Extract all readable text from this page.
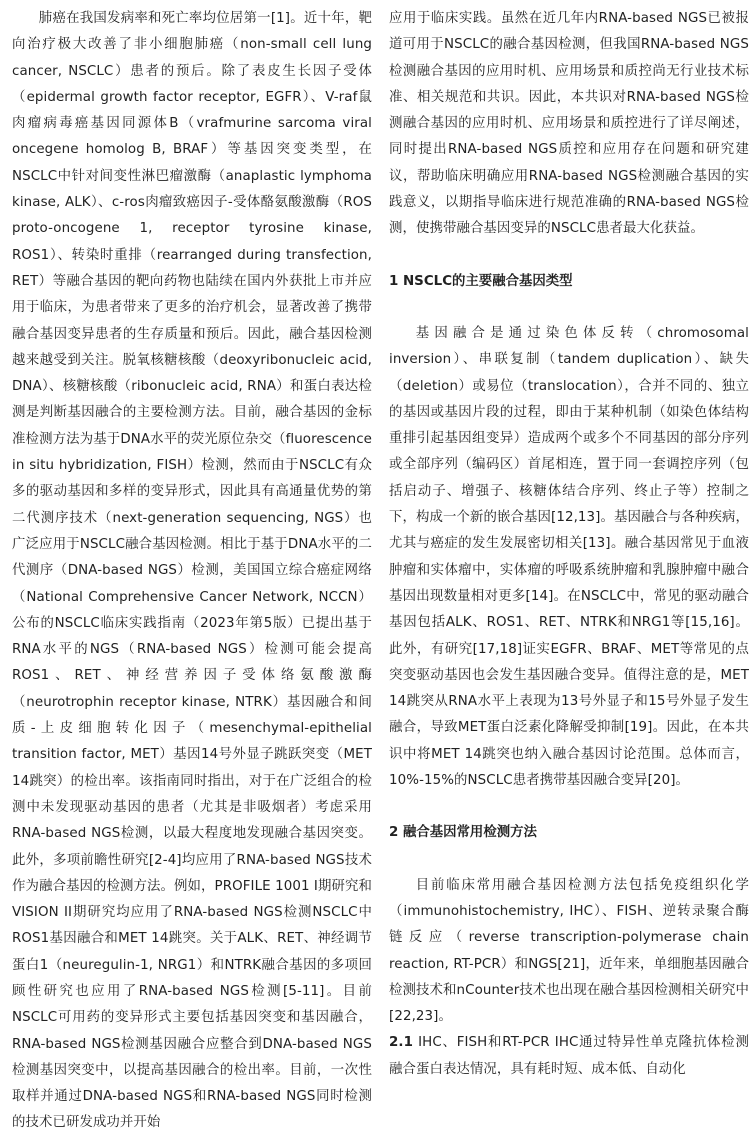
肺癌在我国发病率和死亡率均位居第一[1]。近十年，靶向治疗极大改善了非小细胞肺癌（non-small cell lung cancer, NSCLC）患者的预后。除了表皮生长因子受体（epidermal growth factor receptor, EGFR）、V-raf鼠肉瘤病毒癌基因同源体B（vrafmurine sarcoma viral oncegene homolog B, BRAF）等基因突变类型，在NSCLC中针对间变性淋巴瘤激酶（anaplastic lymphoma kinase, ALK）、c-ros肉瘤致癌因子-受体酪氨酸激酶（ROS proto-oncogene 1, receptor tyrosine kinase, ROS1）、转染时重排（rearranged during transfection, RET）等融合基因的靶向药物也陆续在国内外获批上市并应用于临床，为患者带来了更多的治疗机会，显著改善了携带融合基因变异患者的生存质量和预后。因此，融合基因检测越来越受到关注。脱氧核糖核酸（deoxyribonucleic acid, DNA）、核糖核酸（ribonucleic acid, RNA）和蛋白表达检测是判断基因融合的主要检测方法。目前，融合基因的金标准检测方法为基于DNA水平的荧光原位杂交（fluorescence in situ hybridization, FISH）检测，然而由于NSCLC有众多的驱动基因和多样的变异形式，因此具有高通量优势的第二代测序技术（next-generation sequencing, NGS）也广泛应用于NSCLC融合基因检测。相比于基于DNA水平的二代测序（DNA-based NGS）检测，美国国立综合癌症网络（National Comprehensive Cancer Network, NCCN）公布的NSCLC临床实践指南（2023年第5版）已提出基于RNA水平的NGS（RNA-based NGS）检测可能会提高ROS1、RET、神经营养因子受体络氨酸激酶（neurotrophin receptor kinase, NTRK）基因融合和间质-上皮细胞转化因子（mesenchymal-epithelial transition factor, MET）基因14号外显子跳跃突变（MET 14跳突）的检出率。该指南同时指出，对于在广泛组合的检测中未发现驱动基因的患者（尤其是非吸烟者）考虑采用RNA-based NGS检测，以最大程度地发现融合基因突变。此外，多项前瞻性研究[2-4]均应用了RNA-based NGS技术作为融合基因的检测方法。例如，PROFILE 1001 I期研究和VISION II期研究均应用了RNA-based NGS检测NSCLC中ROS1基因融合和MET 14跳突。关于ALK、RET、神经调节蛋白1（neuregulin-1, NRG1）和NTRK融合基因的多项回顾性研究也应用了RNA-based NGS检测[5-11]。目前NSCLC可用药的变异形式主要包括基因突变和基因融合，RNA-based NGS检测基因融合应整合到DNA-based NGS检测基因突变中，以提高基因融合的检出率。目前，一次性取样并通过DNA-based NGS和RNA-based NGS同时检测的技术已研发成功并开始

应用于临床实践。虽然在近几年内RNA-based NGS已被报道可用于NSCLC的融合基因检测，但我国RNA-based NGS检测融合基因的应用时机、应用场景和质控尚无行业技术标准、相关规范和共识。因此，本共识对RNA-based NGS检测融合基因的应用时机、应用场景和质控进行了详尽阐述，同时提出RNA-based NGS质控和应用存在问题和研究建议，帮助临床明确应用RNA-based NGS检测融合基因的实践意义，以期指导临床进行规范准确的RNA-based NGS检测，使携带融合基因变异的NSCLC患者最大化获益。

1 NSCLC的主要融合基因类型

基因融合是通过染色体反转（chromosomal inversion）、串联复制（tandem duplication）、缺失（deletion）或易位（translocation），合并不同的、独立的基因或基因片段的过程，即由于某种机制（如染色体结构重排引起基因组变异）造成两个或多个不同基因的部分序列或全部序列（编码区）首尾相连，置于同一套调控序列（包括启动子、增强子、核糖体结合序列、终止子等）控制之下，构成一个新的嵌合基因[12,13]。基因融合与各种疾病，尤其与癌症的发生发展密切相关[13]。融合基因常见于血液肿瘤和实体瘤中，实体瘤的呼吸系统肿瘤和乳腺肿瘤中融合基因出现数量相对更多[14]。在NSCLC中，常见的驱动融合基因包括ALK、ROS1、RET、NTRK和NRG1等[15,16]。此外，有研究[17,18]证实EGFR、BRAF、MET等常见的点突变驱动基因也会发生基因融合变异。值得注意的是，MET 14跳突从RNA水平上表现为13号外显子和15号外显子发生融合，导致MET蛋白泛素化降解受抑制[19]。因此，在本共识中将MET 14跳突也纳入融合基因讨论范围。总体而言，10%-15%的NSCLC患者携带基因融合变异[20]。

2 融合基因常用检测方法

目前临床常用融合基因检测方法包括免疫组织化学（immunohistochemistry, IHC）、FISH、逆转录聚合酶链反应（reverse transcription-polymerase chain reaction, RT-PCR）和NGS[21]，近年来，单细胞基因融合检测技术和nCounter技术也出现在融合基因检测相关研究中[22,23]。

2.1 IHC、FISH和RT-PCR IHC通过特异性单克隆抗体检测融合蛋白表达情况，具有耗时短、成本低、自动化
